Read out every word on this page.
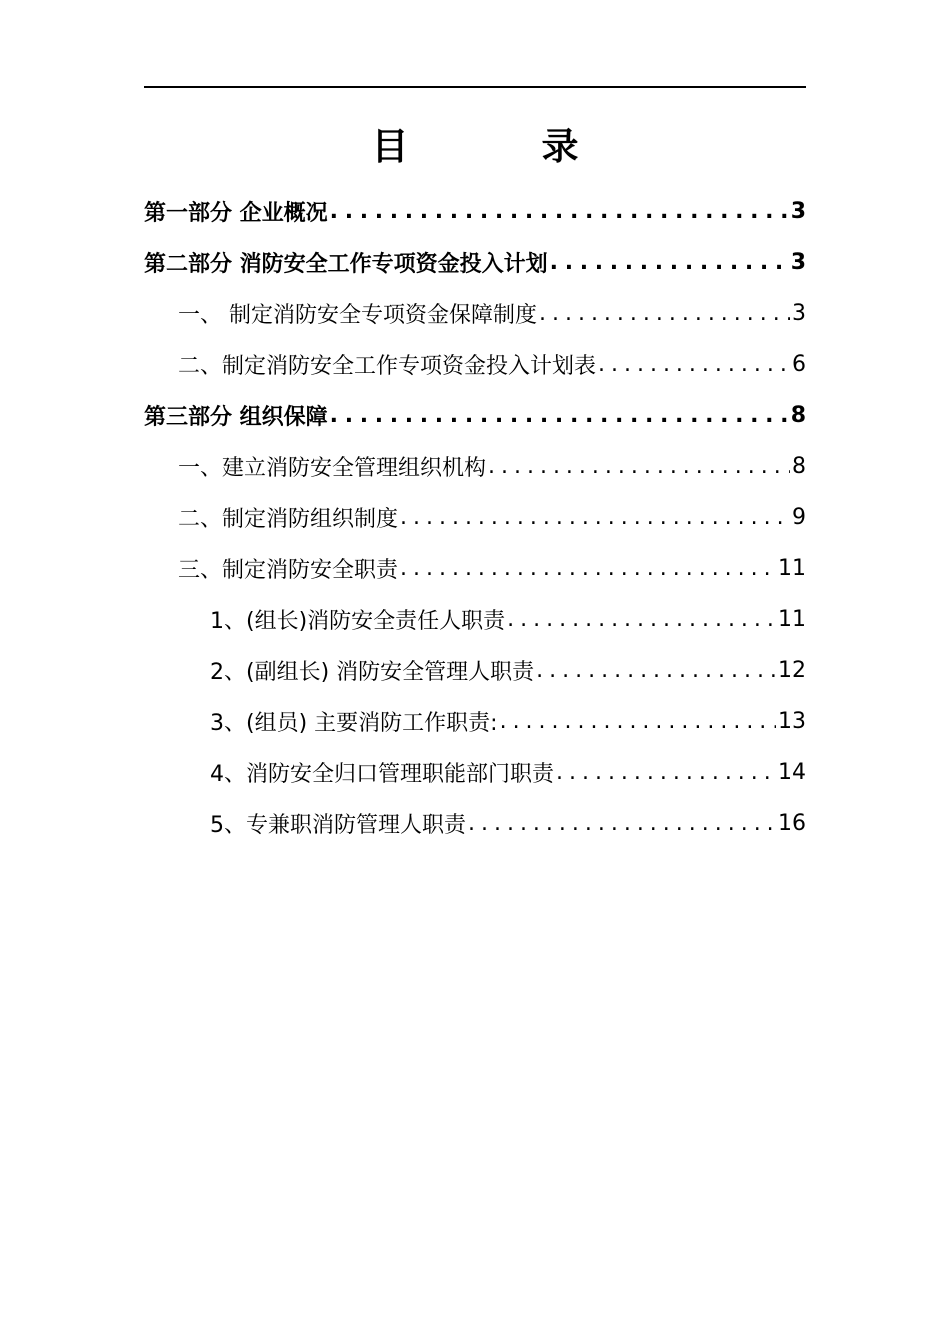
目　录
第一部分 企业概况 . . .	3
第二部分 消防安全工作专项资金投入计划 . . .	3
一、 制定消防安全专项资金保障制度 . . .	3
二、制定消防安全工作专项资金投入计划表 . . .	6
第三部分 组织保障 . . .	8
一、建立消防安全管理组织机构 . . .	8
二、制定消防组织制度 . . .	9
三、制定消防安全职责 . . .	11
1、(组长)消防安全责任人职责 . . .	11
2、(副组长) 消防安全管理人职责 . . .	12
3、(组员) 主要消防工作职责: . . .	13
4、消防安全归口管理职能部门职责 . . .	14
5、专兼职消防管理人职责 . . .	16
